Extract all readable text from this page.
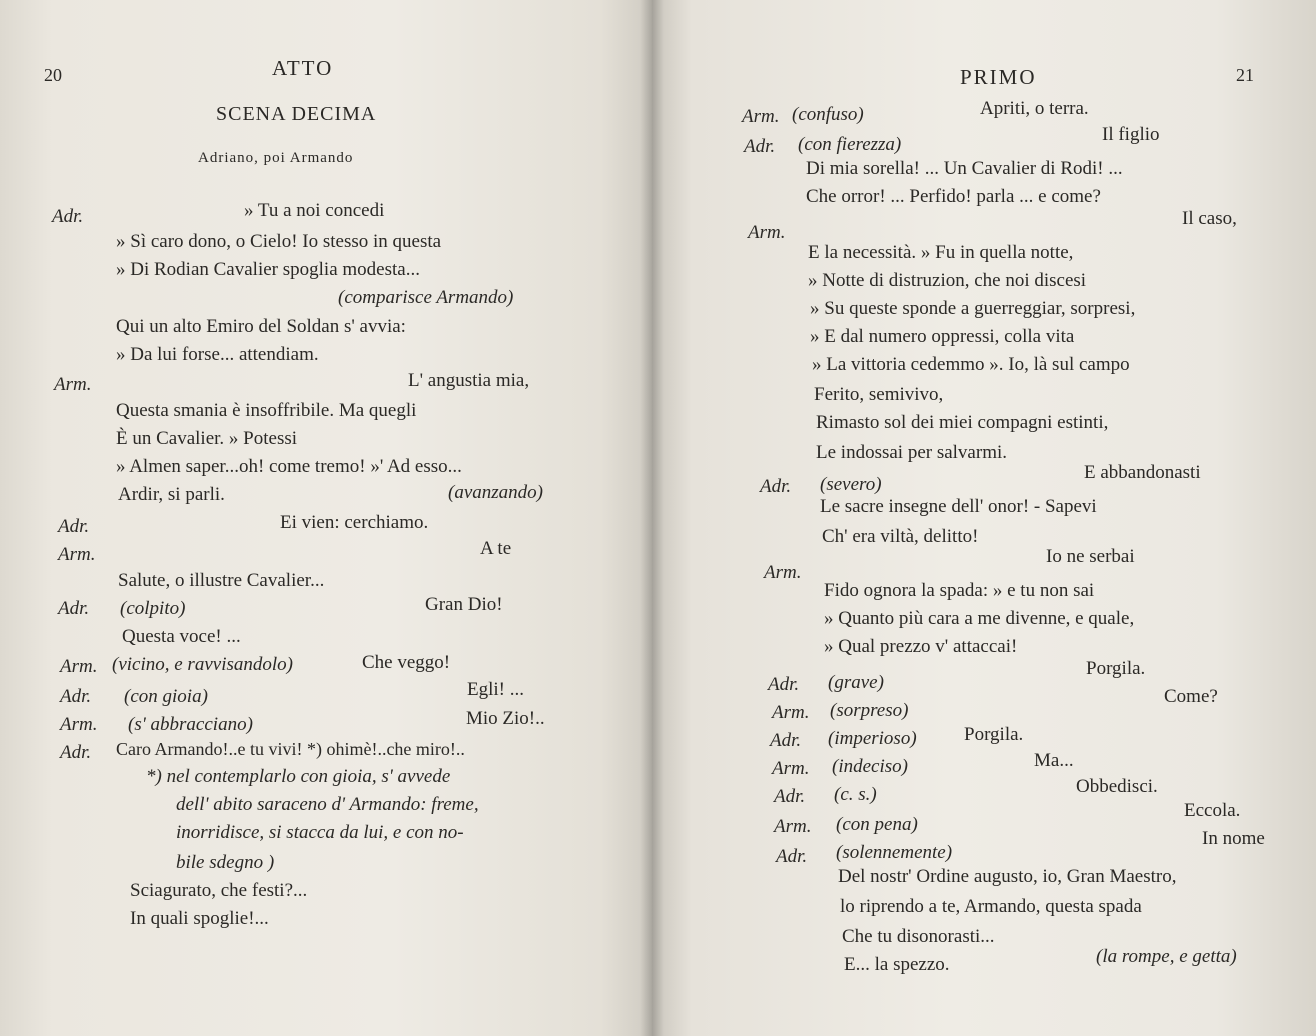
20	ATTO
SCENA DECIMA
Adriano, poi Armando
Adr.	» Tu a noi concedi
» Sì caro dono, o Cielo! Io stesso in questa
» Di Rodian Cavalier spoglia modesta...
(comparisce Armando)
Qui un alto Emiro del Soldan s' avvia:
» Da lui forse... attendiam.
Arm.	L' angustia mia,
Questa smania è insoffribile. Ma quegli
È un Cavalier. » Potessi
» Almen saper...oh! come tremo! »' Ad esso...
Ardir, si parli.	(avanzando)
Adr.	Ei vien: cerchiamo.
Arm.	A te
Salute, o illustre Cavalier...
Adr. (colpito)	Gran Dio!
Questa voce! ...
Arm. (vicino, e ravvisandolo)	Che veggo!
Adr. (con gioia)	Egli! ...
Arm. (s' abbracciano)	Mio Zio!..
Adr. Caro Armando!..e tu vivi! *) ohimè!..che miro!..
*) nel contemplarlo con gioia, s' avvede
dell' abito saraceno d' Armando: freme,
inorridisce, si stacca da lui, e con no-
bile sdegno )
Sciagurato, che festi?...
In quali spoglie!...
PRIMO	21
Arm. (confuso)	Apriti, o terra.
Adr. (con fierezza)	Il figlio
Di mia sorella! ... Un Cavalier di Rodi! ...
Che orror! ... Perfido! parla ... e come?
Il caso,
Arm.
E la necessità. » Fu in quella notte,
» Notte di distruzion, che noi discesi
» Su queste sponde a guerreggiar, sorpresi,
» E dal numero oppressi, colla vita
» La vittoria cedemmo ». Io, là sul campo
Ferito, semivivo,
Rimasto sol dei miei compagni estinti,
Le indossai per salvarmi.
E abbandonasti
Adr. (severo)
Le sacre insegne dell' onor! - Sapevi
Ch' era viltà, delitto!
Io ne serbai
Arm.
Fido ognora la spada: » e tu non sai
» Quanto più cara a me divenne, e quale,
» Qual prezzo v' attaccai!
Porgila.
Adr. (grave)
Come?
Arm. (sorpreso)
Adr. (imperioso) Porgila.
Arm. (indeciso)	Ma...
Obbedisci.
Adr. (c. s.)
Eccola.
Arm. (con pena)
In nome
Adr. (solennemente)
Del nostr' Ordine augusto, io, Gran Maestro,
lo riprendo a te, Armando, questa spada
Che tu disonorasti...
E... la spezzo.	(la rompe, e getta)
